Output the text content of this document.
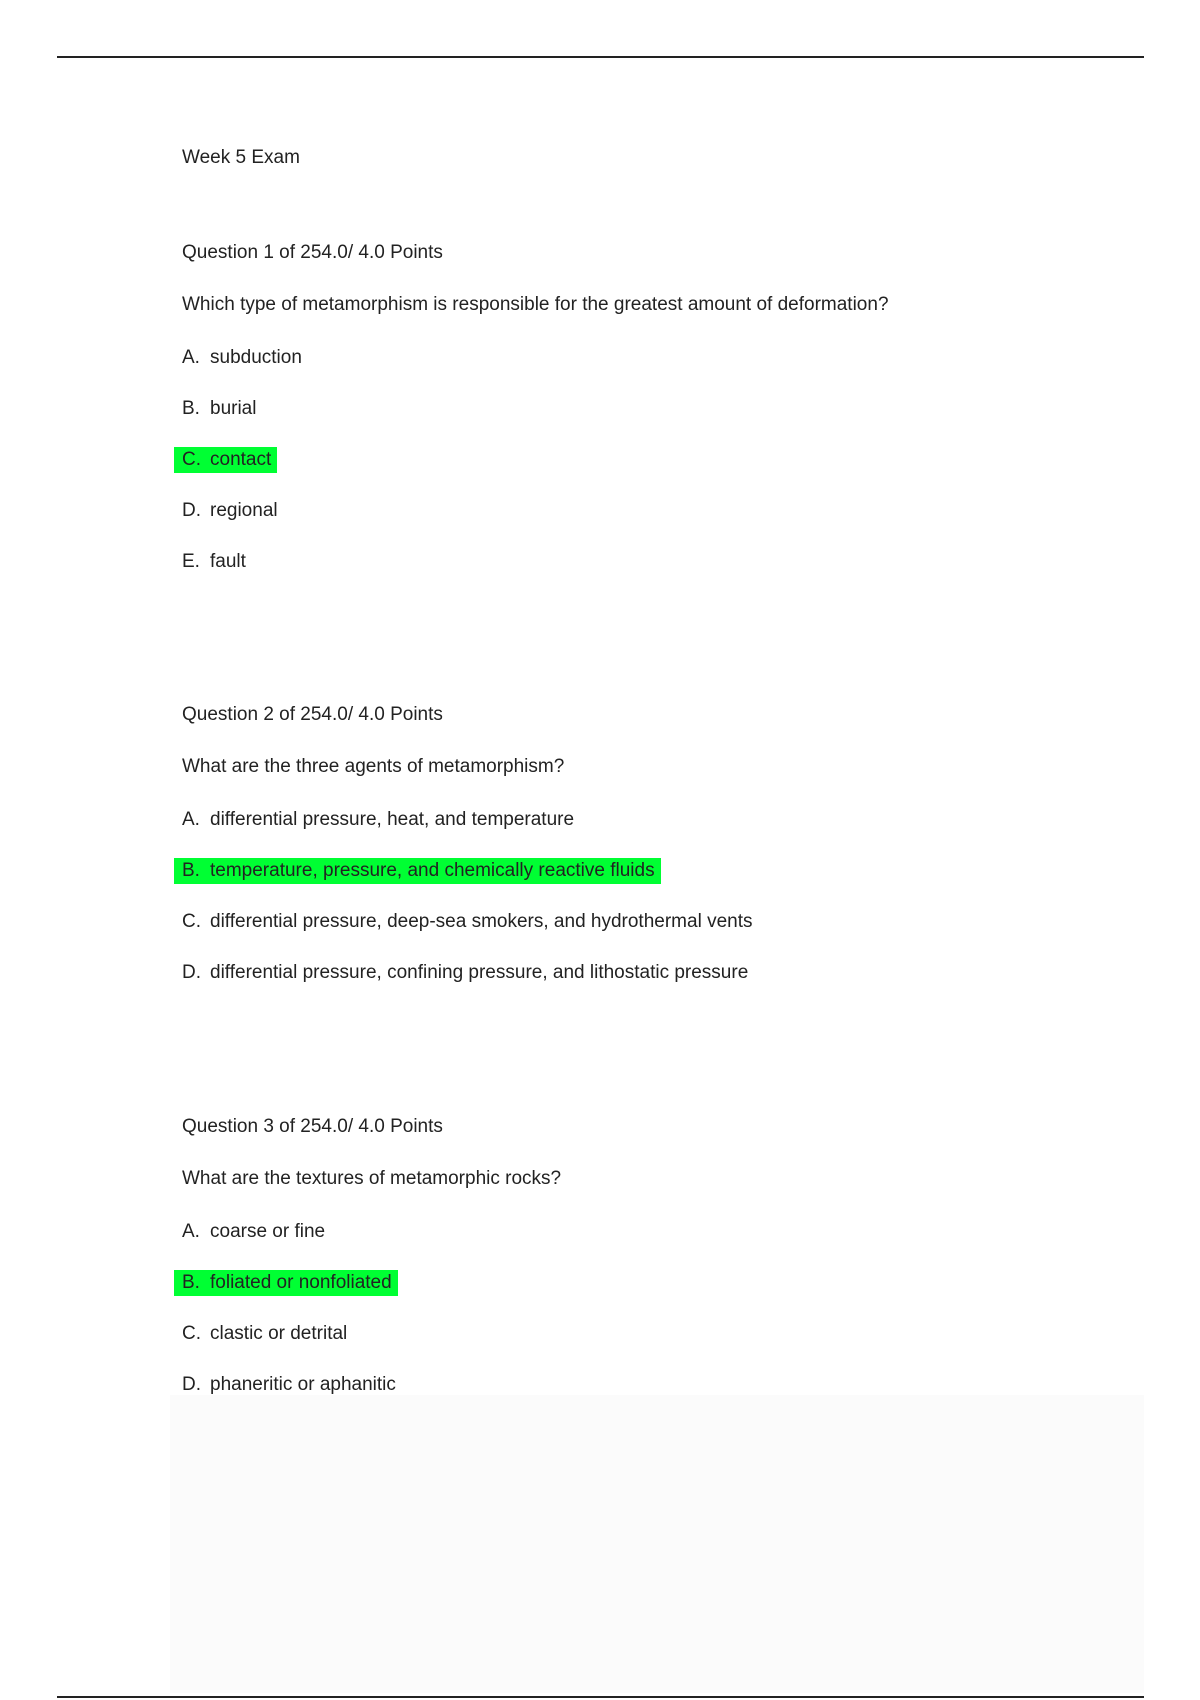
Week 5 Exam
Question 1 of 254.0/ 4.0 Points
Which type of metamorphism is responsible for the greatest amount of deformation?
A. subduction
B. burial
C. contact
D. regional
E. fault
Question 2 of 254.0/ 4.0 Points
What are the three agents of metamorphism?
A. differential pressure, heat, and temperature
B. temperature, pressure, and chemically reactive fluids
C. differential pressure, deep-sea smokers, and hydrothermal vents
D. differential pressure, confining pressure, and lithostatic pressure
Question 3 of 254.0/ 4.0 Points
What are the textures of metamorphic rocks?
A. coarse or fine
B. foliated or nonfoliated
C. clastic or detrital
D. phaneritic or aphanitic
